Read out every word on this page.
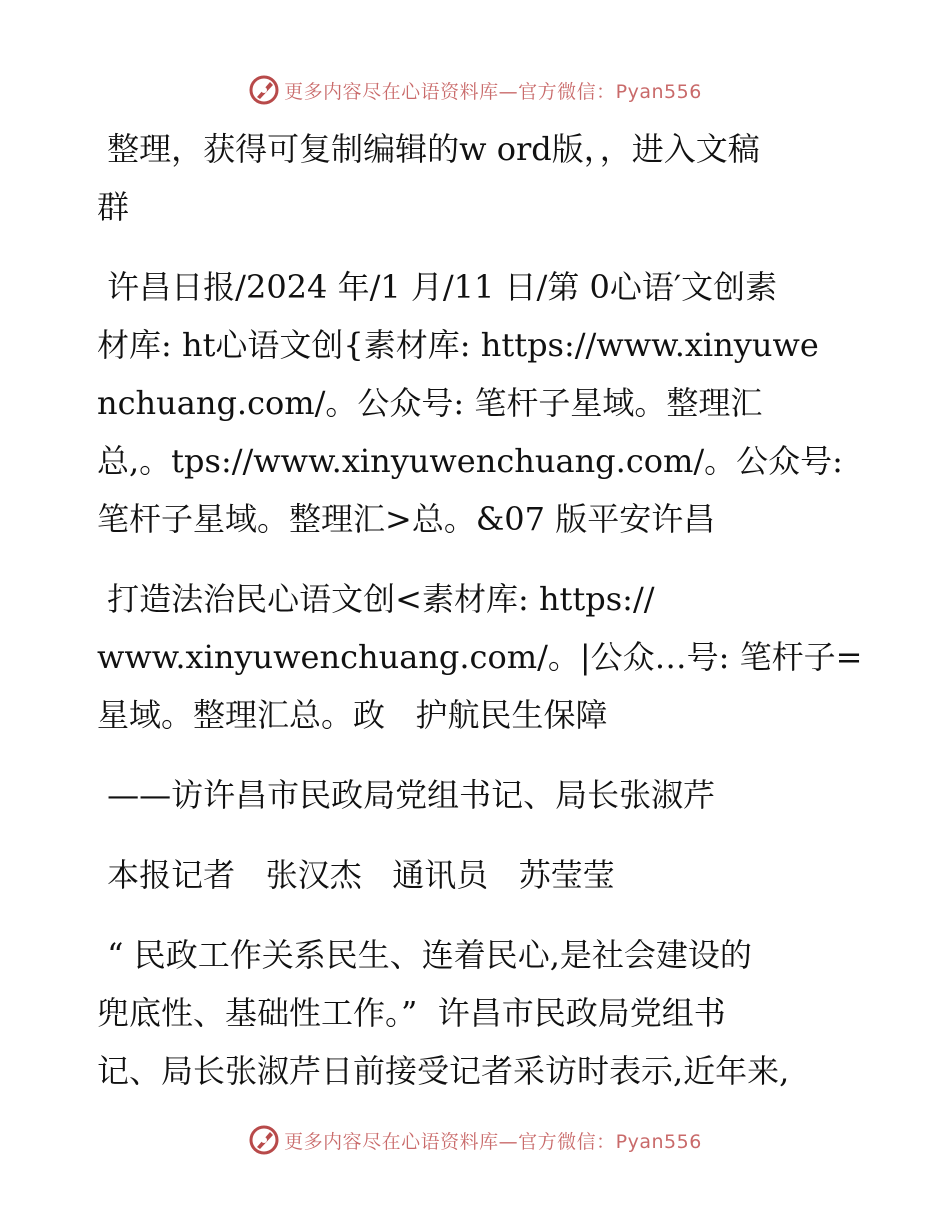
更多内容尽在心语资料库—官方微信：Pyan556

整理，获得可复制编辑的w ord版，，进入文稿

群

许昌日报/2024 年/1 月/11 日/第 0心语′文创素

材库: ht心语文创{素材库: https://www.xinyuwe

nchuang.com/。公众号: 笔杆子星域。整理汇

总,。tps://www.xinyuwenchuang.com/。公众号:

笔杆子星域。整理汇>总。&07 版平安许昌

打造法治民心语文创<素材库: https://

www.xinyuwenchuang.com/。|公众…号: 笔杆子=

星域。整理汇总。政   护航民生保障

——访许昌市民政局党组书记、局长张淑芹

本报记者   张汉杰   通讯员   苏莹莹

“ 民政工作关系民生、连着民心,是社会建设的

兜底性、基础性工作。”  许昌市民政局党组书

记、局长张淑芹日前接受记者采访时表示,近年来,

更多内容尽在心语资料库—官方微信：Pyan556
